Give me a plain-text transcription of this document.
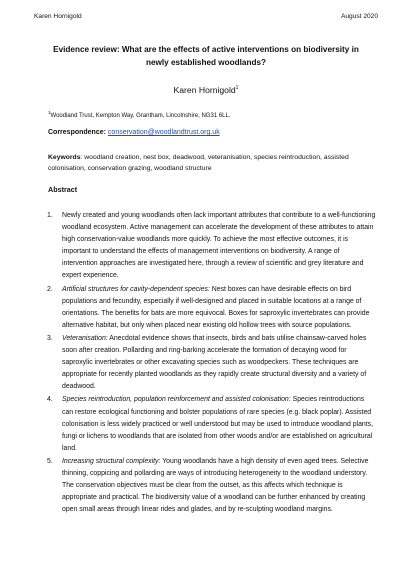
Karen Hornigold	August 2020
Evidence review: What are the effects of active interventions on biodiversity in
newly established woodlands?
Karen Hornigold$^1$
$^1$Woodland Trust, Kempton Way, Grantham, Lincolnshire, NG31 6LL.
Correspondence: conservation@woodlandtrust.org.uk
Keywords: woodland creation, nest box, deadwood, veteranisation, species reintroduction, assisted colonisation, conservation grazing, woodland structure
Abstract
1. Newly created and young woodlands often lack important attributes that contribute to a well-functioning woodland ecosystem. Active management can accelerate the development of these attributes to attain high conservation-value woodlands more quickly. To achieve the most effective outcomes, it is important to understand the effects of management interventions on biodiversity. A range of intervention approaches are investigated here, through a review of scientific and grey literature and expert experience.
2. Artificial structures for cavity-dependent species: Nest boxes can have desirable effects on bird populations and fecundity, especially if well-designed and placed in suitable locations at a range of orientations. The benefits for bats are more equivocal. Boxes for saproxylic invertebrates can provide alternative habitat, but only when placed near existing old hollow trees with source populations.
3. Veteranisation: Anecdotal evidence shows that insects, birds and bats utilise chainsaw-carved holes soon after creation. Pollarding and ring-barking accelerate the formation of decaying wood for saproxylic invertebrates or other excavating species such as woodpeckers. These techniques are appropriate for recently planted woodlands as they rapidly create structural diversity and a variety of deadwood.
4. Species reintroduction, population reinforcement and assisted colonisation: Species reintroductions can restore ecological functioning and bolster populations of rare species (e.g. black poplar). Assisted colonisation is less widely practiced or well understood but may be used to introduce woodland plants, fungi or lichens to woodlands that are isolated from other woods and/or are established on agricultural land.
5. Increasing structural complexity: Young woodlands have a high density of even aged trees. Selective thinning, coppicing and pollarding are ways of introducing heterogeneity to the woodland understory. The conservation objectives must be clear from the outset, as this affects which technique is appropriate and practical. The biodiversity value of a woodland can be further enhanced by creating open small areas through linear rides and glades, and by re-sculpting woodland margins.
